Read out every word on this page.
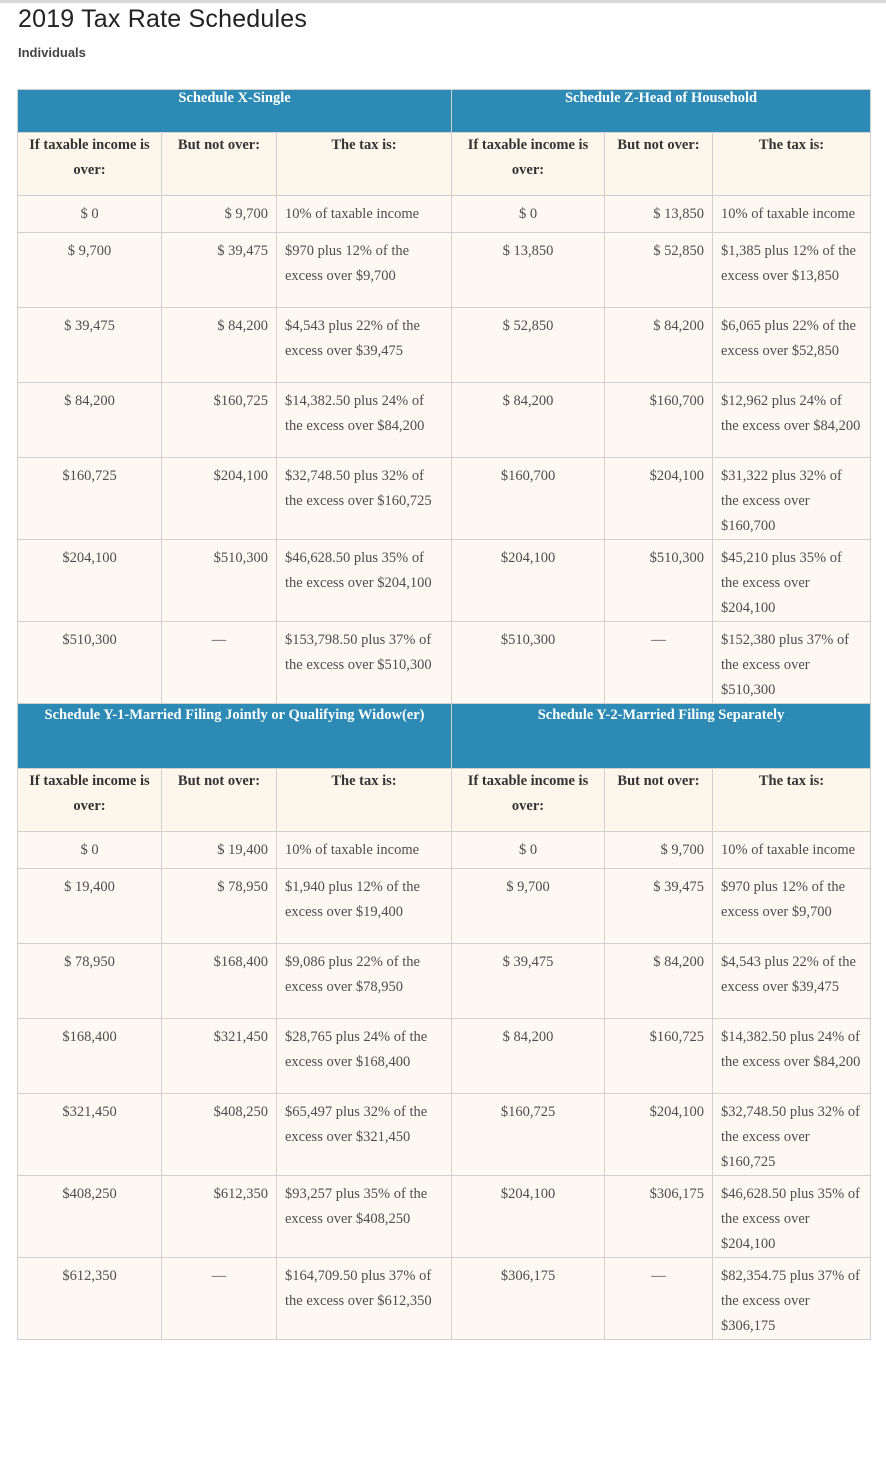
2019 Tax Rate Schedules
Individuals
Schedule X-Single			Schedule Z-Head of Household		
If taxable income is over:	But not over:	The tax is:	If taxable income is over:	But not over:	The tax is:
$ 0	$ 9,700	10% of taxable income	$ 0	$ 13,850	10% of taxable income
$ 9,700	$ 39,475	$970 plus 12% of the excess over $9,700	$ 13,850	$ 52,850	$1,385 plus 12% of the excess over $13,850
$ 39,475	$ 84,200	$4,543 plus 22% of the excess over $39,475	$ 52,850	$ 84,200	$6,065 plus 22% of the excess over $52,850
$ 84,200	$160,725	$14,382.50 plus 24% of the excess over $84,200	$ 84,200	$160,700	$12,962 plus 24% of the excess over $84,200
$160,725	$204,100	$32,748.50 plus 32% of the excess over $160,725	$160,700	$204,100	$31,322 plus 32% of the excess over $160,700
$204,100	$510,300	$46,628.50 plus 35% of the excess over $204,100	$204,100	$510,300	$45,210 plus 35% of the excess over $204,100
$510,300	—	$153,798.50 plus 37% of the excess over $510,300	$510,300	—	$152,380 plus 37% of the excess over $510,300
Schedule Y-1-Married Filing Jointly or Qualifying Widow(er)			Schedule Y-2-Married Filing Separately		
If taxable income is over:	But not over:	The tax is:	If taxable income is over:	But not over:	The tax is:
$ 0	$ 19,400	10% of taxable income	$ 0	$ 9,700	10% of taxable income
$ 19,400	$ 78,950	$1,940 plus 12% of the excess over $19,400	$ 9,700	$ 39,475	$970 plus 12% of the excess over $9,700
$ 78,950	$168,400	$9,086 plus 22% of the excess over $78,950	$ 39,475	$ 84,200	$4,543 plus 22% of the excess over $39,475
$168,400	$321,450	$28,765 plus 24% of the excess over $168,400	$ 84,200	$160,725	$14,382.50 plus 24% of the excess over $84,200
$321,450	$408,250	$65,497 plus 32% of the excess over $321,450	$160,725	$204,100	$32,748.50 plus 32% of the excess over $160,725
$408,250	$612,350	$93,257 plus 35% of the excess over $408,250	$204,100	$306,175	$46,628.50 plus 35% of the excess over $204,100
$612,350	—	$164,709.50 plus 37% of the excess over $612,350	$306,175	—	$82,354.75 plus 37% of the excess over $306,175
